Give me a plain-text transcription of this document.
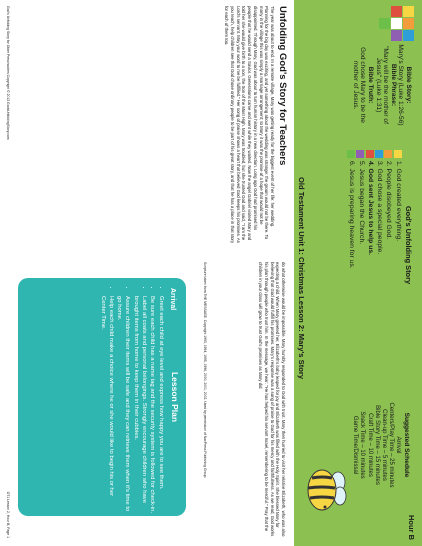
Bible Story:
Mary's Story (Luke 1:26-56)
Bible Phrase:
"Mary will be the mother of Jesus" (Luke 1:31)
Bible Truth:
God chose Mary to be the mother of Jesus.
God's Unfolding Story
1. God created everything.
2. People disobeyed God.
3. God chose a special people.
4. God sent Jesus to help us.
5. Jesus began the Church.
6. Jesus is preparing heaven for us.
Suggested Schedule
Arrival
Centers/Play Time – 25 minutes
Clean-up Time – 5 minutes
Bible Story Time – 15 minutes
Craft Time – 10 minutes
Snack Time – 10 minutes
Game Time/Dismissal
Hour B
Old Testament Unit 1: Christmas Lesson 2: Mary's Story
Unfolding God's Story for Teachers
The year was about to end. In a remote village, Mary was getting ready for the biggest event of her life: her wedding. Planning for the big day was exciting, and yet something about the wedding was strange: the groom would not be there. To many in the village this was simply a marriage arrangement; to Mary it was the promise of a hope that would not be disappointed. Through Mary, God was about to turn human history in a new direction. Long ago God had promised his people that he would send a Savior. Generations came and went while they waited. Now the angel Gabriel visited Mary and told her she would give birth to a son, the Son of the Most High. Mary was troubled, but she trusted God and said, "I am the Lord's servant. May your word to me be fulfilled." Her song of praise shows a heart that believed God keeps his promises. As you teach, help children see that God chose ordinary people to be part of his great story, and that he has a place in that story for each of them too.
do what otherwise would be impossible. Mary humbly responded to God with trust. Mary then hurried to visit her relative Elizabeth, who was also expecting a child. When Mary greeted her, Elizabeth's baby leaped for joy and Elizabeth was filled with the Holy Spirit. She blessed Mary for believing that God would fulfill his promises. Mary's response was a song of praise to God for his mercy and faithfulness. As we read, God works his plan through people who trust him. In the message, we hear: "He has helped his servant Israel, remembering to be merciful." Pray that the children in your class will grow to trust God's promises as Mary did.
Scripture taken from THE MESSAGE. Copyright 1993, 1994, 1995, 1996, 2000, 2001, 2002. Used by permission of NavPress Publishing Group.
Lesson Plan
Arrival
• Greet each child at eye level and express how happy you are to see them.
• Be sure each child has a name tag and the security system is followed for check-in.
• Label all coats and personal belongings. Strongly encourage children who have brought items from home to keep them in their cubbies.
• Assure children their items will be safe and they can retrieve them when it's time to go home.
• Help each child make a choice where he or she would like to begin his or her Center Time.
God's Unfolding Story for Older Preschoolers Copyright © 2013 GodsUnfoldingStory.com
OT1 Lesson 2, Hour B, Page 1
